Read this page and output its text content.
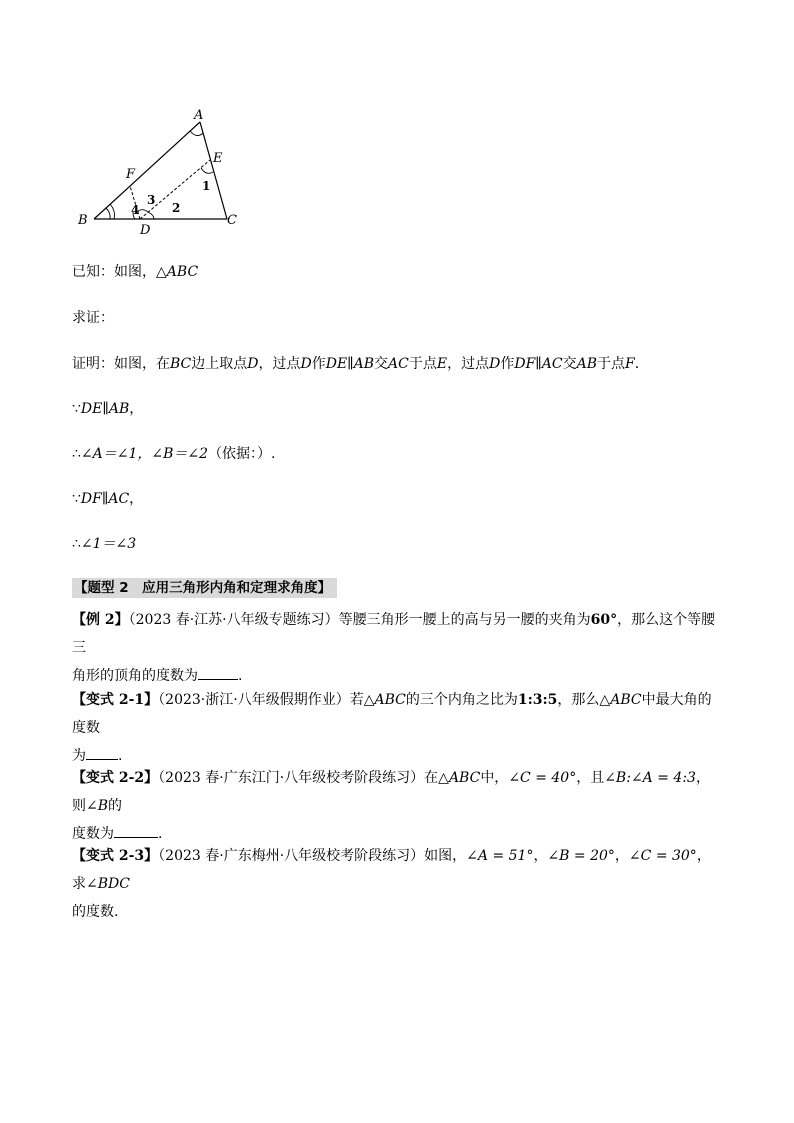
A
B	C
D
E
F
1
2
3
4
已知：如图，△ABC
求证：
证明：如图，在BC边上取点D，过点D作DE∥AB交AC于点E，过点D作DF∥AC交AB于点F.
∵DE∥AB，
∴∠A＝∠1，∠B＝∠2（依据：）.
∵DF∥AC，
∴∠1＝∠3
【题型 2　应用三角形内角和定理求角度】
【例 2】（2023 春·江苏·八年级专题练习）等腰三角形一腰上的高与另一腰的夹角为60°，那么这个等腰三
角形的顶角的度数为	.
【变式 2-1】（2023·浙江·八年级假期作业）若△ABC的三个内角之比为1:3:5，那么△ABC中最大角的度数
为 .
【变式 2-2】（2023 春·广东江门·八年级校考阶段练习）在△ABC中，∠C = 40°，且∠B:∠A = 4:3，则∠B的
度数为	.
【变式 2-3】（2023 春·广东梅州·八年级校考阶段练习）如图，∠A = 51°，∠B = 20°，∠C = 30°，求∠BDC
的度数.
